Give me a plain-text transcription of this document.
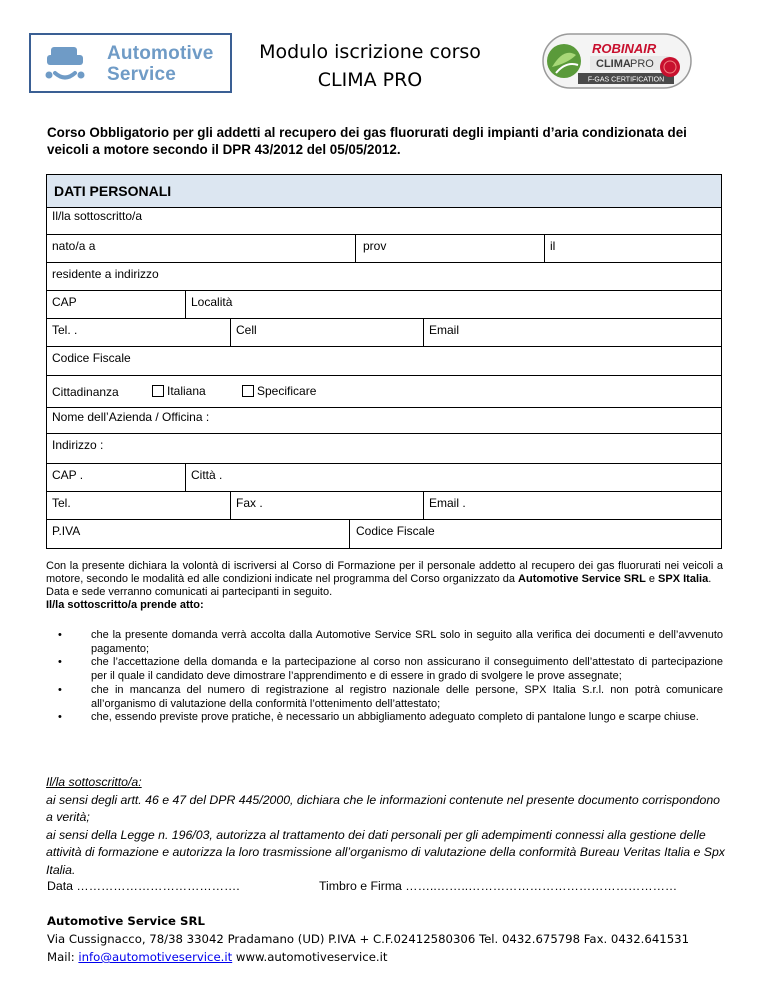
Automotive
Service
Modulo iscrizione corso
CLIMA PRO
ROBINAIR
CLIMA PRO
F-GAS CERTIFICATION
Corso Obbligatorio per gli addetti al recupero dei gas fluorurati degli impianti d’aria condizionata dei veicoli a motore secondo il DPR 43/2012 del 05/05/2012.
DATI PERSONALI
Il/la sottoscritto/a
nato/a a	prov	il
residente a indirizzo
CAP	Località
Tel. .	Cell	Email
Codice Fiscale
Cittadinanza	Italiana	Specificare
Nome dell’Azienda / Officina :
Indirizzo :
CAP .	Città .
Tel.	Fax .	Email .
P.IVA	Codice Fiscale

Con la presente dichiara la volontà di iscriversi al Corso di Formazione per il personale addetto al recupero dei gas fluorurati nei veicoli a motore, secondo le modalità ed alle condizioni indicate nel programma del Corso organizzato da Automotive Service SRL e SPX Italia.

Data e sede verranno comunicati ai partecipanti in seguito.

Il/la sottoscritto/a prende atto:

•	che la presente domanda verrà accolta dalla Automotive Service SRL solo in seguito alla verifica dei documenti e dell’avvenuto pagamento;
•	che l’accettazione della domanda e la partecipazione al corso non assicurano il conseguimento dell’attestato di partecipazione per il quale il candidato deve dimostrare l’apprendimento e di essere in grado di svolgere le prove assegnate;
•	che in mancanza del numero di registrazione al registro nazionale delle persone, SPX Italia S.r.l. non potrà comunicare all’organismo di valutazione della conformità l’ottenimento dell’attestato;
•	che, essendo previste prove pratiche, è necessario un abbigliamento adeguato completo di pantalone lungo e scarpe chiuse.
Il/la sottoscritto/a:
ai sensi degli artt. 46 e 47 del DPR 445/2000, dichiara che le informazioni contenute nel presente documento corrispondono a verità;
ai sensi della Legge n. 196/03, autorizza al trattamento dei dati personali per gli adempimenti connessi alla gestione delle attività di formazione e autorizza la loro trasmissione all’organismo di valutazione della conformità Bureau Veritas Italia e Spx Italia.
Data ………………………………….	Timbro e Firma ……..……..……………………………………………
Automotive Service SRL
Via Cussignacco, 78/38 33042 Pradamano (UD) P.IVA + C.F.02412580306 Tel. 0432.675798 Fax. 0432.641531
Mail: info@automotiveservice.it www.automotiveservice.it
